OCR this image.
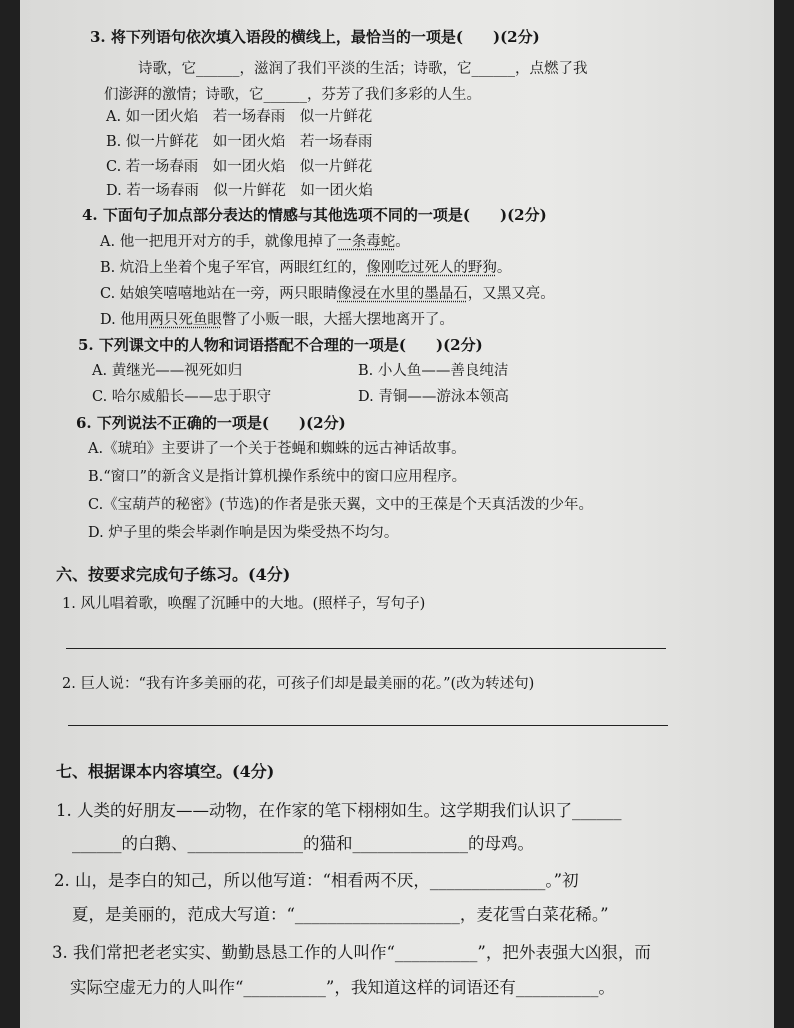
3. 将下列语句依次填入语段的横线上，最恰当的一项是(　　)(2分)
诗歌，它______，滋润了我们平淡的生活；诗歌，它______，点燃了我
们澎湃的激情；诗歌，它______，芬芳了我们多彩的人生。
A. 如一团火焰　若一场春雨　似一片鲜花
B. 似一片鲜花　如一团火焰　若一场春雨
C. 若一场春雨　如一团火焰　似一片鲜花
D. 若一场春雨　似一片鲜花　如一团火焰
4. 下面句子加点部分表达的情感与其他选项不同的一项是(　　)(2分)
A. 他一把甩开对方的手，就像甩掉了一条毒蛇。
B. 炕沿上坐着个鬼子军官，两眼红红的，像刚吃过死人的野狗。
C. 姑娘笑嘻嘻地站在一旁，两只眼睛像浸在水里的墨晶石，又黑又亮。
D. 他用两只死鱼眼瞥了小贩一眼，大摇大摆地离开了。
5. 下列课文中的人物和词语搭配不合理的一项是(　　)(2分)
A. 黄继光——视死如归	B. 小人鱼——善良纯洁
C. 哈尔威船长——忠于职守	D. 青铜——游泳本领高
6. 下列说法不正确的一项是(　　)(2分)
A.《琥珀》主要讲了一个关于苍蝇和蜘蛛的远古神话故事。
B.“窗口”的新含义是指计算机操作系统中的窗口应用程序。
C.《宝葫芦的秘密》(节选)的作者是张天翼，文中的王葆是个天真活泼的少年。
D. 炉子里的柴会毕剥作响是因为柴受热不均匀。
六、按要求完成句子练习。(4分)
1. 风儿唱着歌，唤醒了沉睡中的大地。(照样子，写句子)
2. 巨人说：“我有许多美丽的花，可孩子们却是最美丽的花。”(改为转述句)
七、根据课本内容填空。(4分)
1. 人类的好朋友——动物，在作家的笔下栩栩如生。这学期我们认识了______
______的白鹅、______________的猫和______________的母鸡。
2. 山，是李白的知己，所以他写道：“相看两不厌，______________。”初
夏，是美丽的，范成大写道：“____________________，麦花雪白菜花稀。”
3. 我们常把老老实实、勤勤恳恳工作的人叫作“__________”，把外表强大凶狠，而
实际空虚无力的人叫作“__________”，我知道这样的词语还有__________。
